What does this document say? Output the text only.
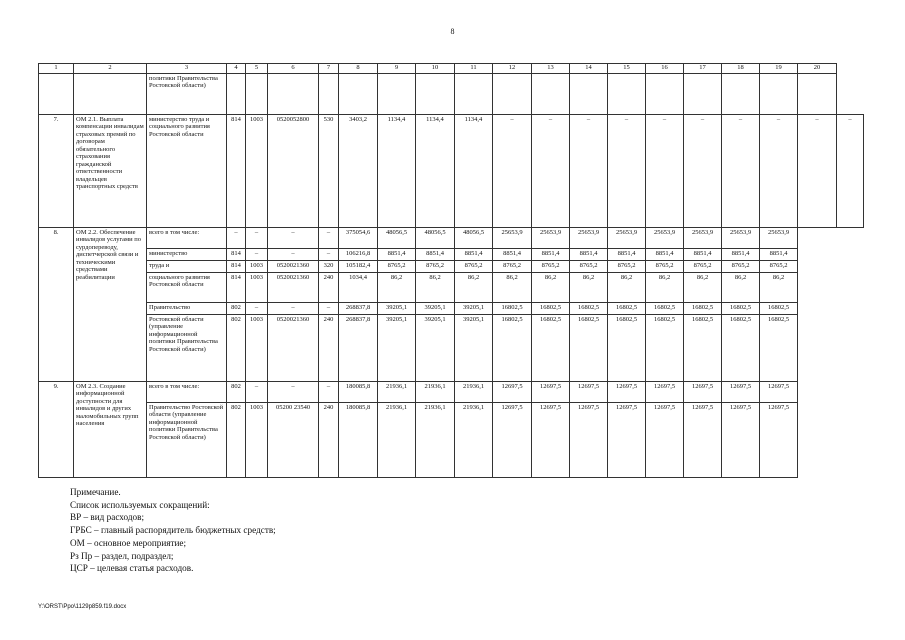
8
1	2	3	4	5	6	7	8	9	10	11	12	13	14	15	16	17	18	19	20	
		политики Правительства Ростовской области)																		
7.	ОМ 2.1. Выплата компенсации инвалидам страховых премий по договорам обязательного страхования гражданской ответственности владельцев транспортных средств	министерство труда и социального развития Ростовской области	814	1003	0520052800	530	3403,2	1134,4	1134,4	1134,4	–	–	–	–	–	–	–	–	–	–
8.	ОМ 2.2. Обеспечение инвалидов услугами по сурдопереводу, диспетчерской связи и техническими средствами реабилитации	всего в том числе:	–	–	–	–	375054,6	48056,5	48056,5	48056,5	25653,9	25653,9	25653,9	25653,9	25653,9	25653,9	25653,9	25653,9		
		министерство	814	–	–	–	106216,8	8851,4	8851,4	8851,4	8851,4	8851,4	8851,4	8851,4	8851,4	8851,4	8851,4	8851,4		
		труда и	814	1003	0520021360	320	105182,4	8765,2	8765,2	8765,2	8765,2	8765,2	8765,2	8765,2	8765,2	8765,2	8765,2	8765,2		
		социального развития Ростовской области	814	1003	0520021360	240	1034,4	86,2	86,2	86,2	86,2	86,2	86,2	86,2	86,2	86,2	86,2	86,2		
		Правительство	802	–	–	–	268837,8	39205,1	39205,1	39205,1	16802,5	16802,5	16802,5	16802,5	16802,5	16802,5	16802,5	16802,5		
		Ростовской области (управление информационной политики Правительства Ростовской области)	802	1003	0520021360	240	268837,8	39205,1	39205,1	39205,1	16802,5	16802,5	16802,5	16802,5	16802,5	16802,5	16802,5	16802,5		
9.	ОМ 2.3. Создание информационной доступности для инвалидов и других маломобильных групп населения	всего в том числе:	802	–	–	–	180085,8	21936,1	21936,1	21936,1	12697,5	12697,5	12697,5	12697,5	12697,5	12697,5	12697,5	12697,5		
		Правительство Ростовской области (управление информационной политики Правительства Ростовской области)	802	1003	05200 23540	240	180085,8	21936,1	21936,1	21936,1	12697,5	12697,5	12697,5	12697,5	12697,5	12697,5	12697,5	12697,5		
Примечание.
Список используемых сокращений:
ВР – вид расходов;
ГРБС – главный распорядитель бюджетных средств;
ОМ – основное мероприятие;
Рз Пр – раздел, подраздел;
ЦСР – целевая статья расходов.
Y:\ORST\Ppo\1129p859.f19.docx
